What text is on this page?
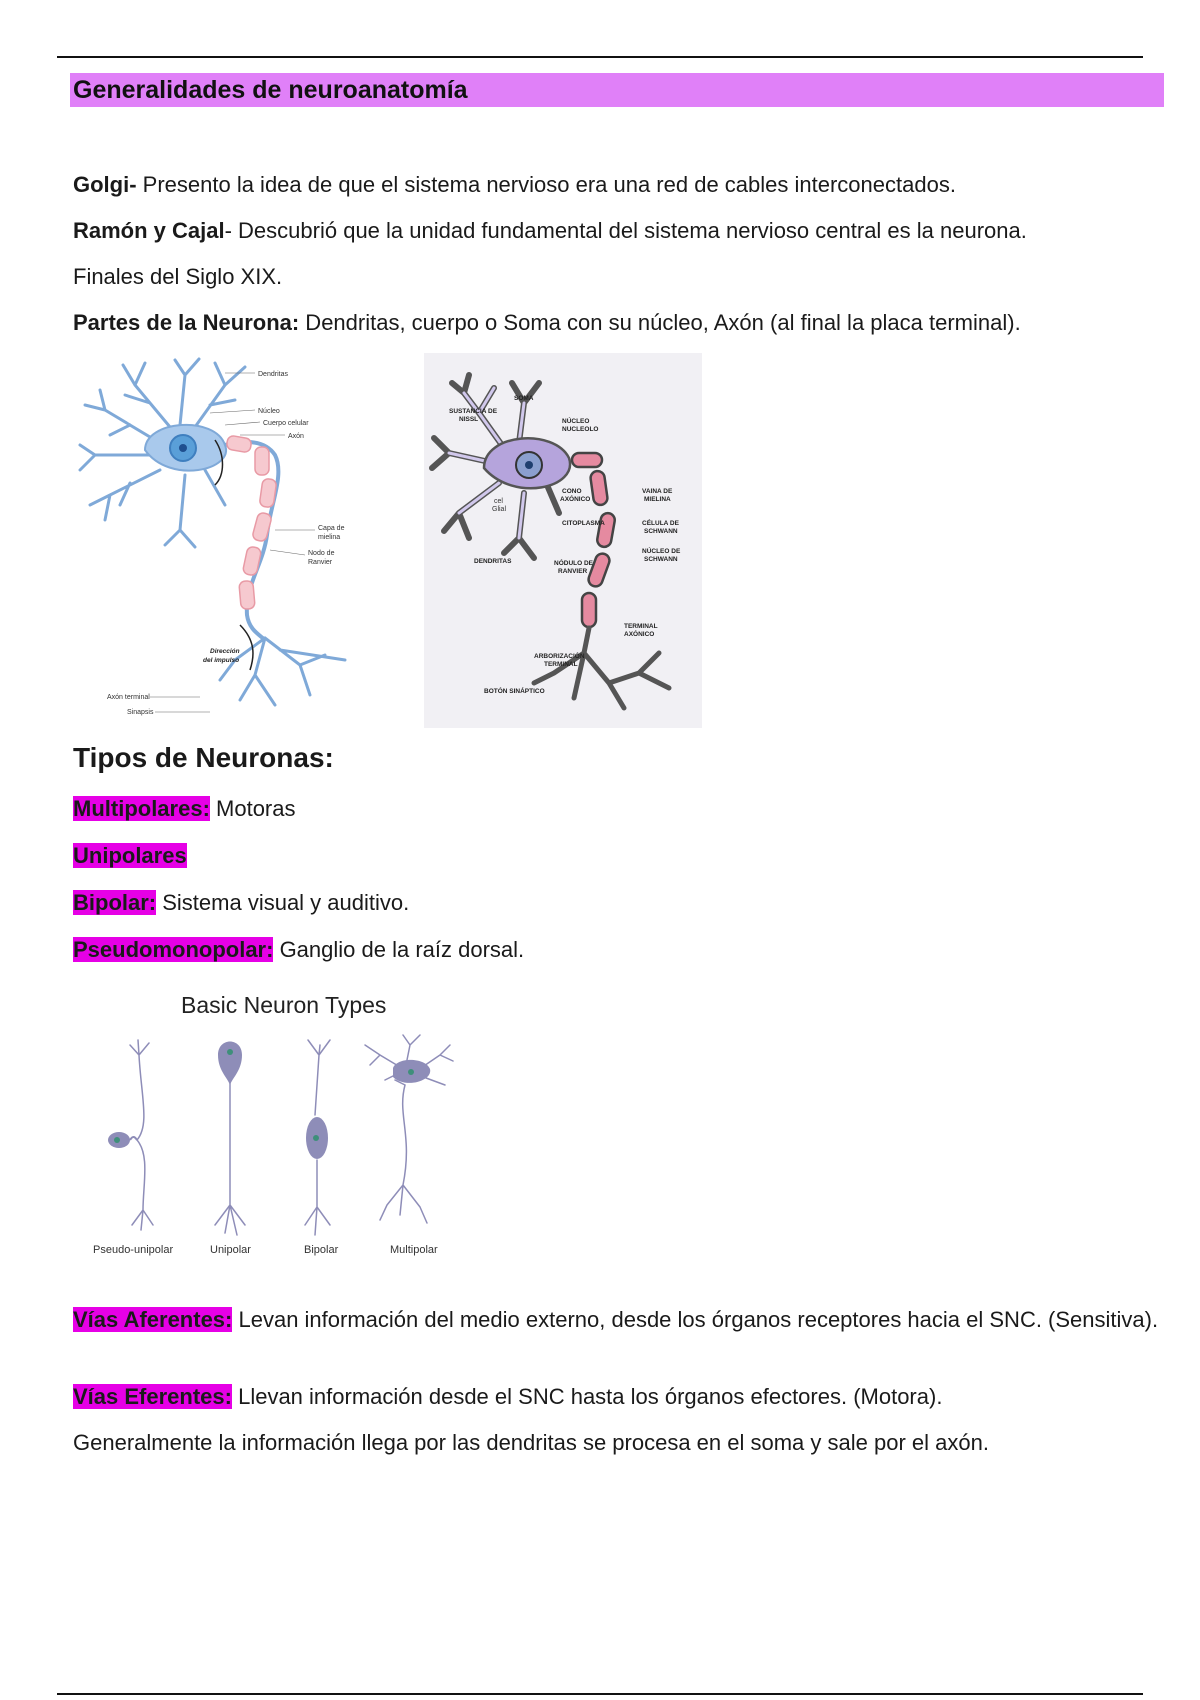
Generalidades de neuroanatomía

Golgi- Presento la idea de que el sistema nervioso era una red de cables interconectados.

Ramón y Cajal- Descubrió que la unidad fundamental del sistema nervioso central es la neurona.

Finales del Siglo XIX.

Partes de la Neurona: Dendritas, cuerpo o Soma con su núcleo, Axón (al final la placa terminal).

Dendritas
Núcleo
Cuerpo celular
Axón
Capa de
mielina
Nodo de
Ranvier
Dirección
del impulso
Axón terminal
Sinapsis
SUSTANCIA DE
NISSL
SOMA
NÚCLEO
NUCLEOLO
CONO
AXÓNICO
cel
Glial
CITOPLASMA
DENDRITAS	NÓDULO DE
RANVIER
VAINA DE
MIELINA
CÉLULA DE
SCHWANN
NÚCLEO DE
SCHWANN
TERMINAL
AXÓNICO
ARBORIZACIÓN
TERMINAL
BOTÓN SINÁPTICO
Tipos de Neuronas:

Multipolares: Motoras

Unipolares

Bipolar: Sistema visual y auditivo.

Pseudomonopolar: Ganglio de la raíz dorsal.

Basic Neuron Types
Pseudo-unipolar	Unipolar	Bipolar	Multipolar

Vías Aferentes: Levan información del medio externo, desde los órganos receptores hacia el SNC. (Sensitiva).

Vías Eferentes: Llevan información desde el SNC hasta los órganos efectores. (Motora).

Generalmente la información llega por las dendritas se procesa en el soma y sale por el axón.
